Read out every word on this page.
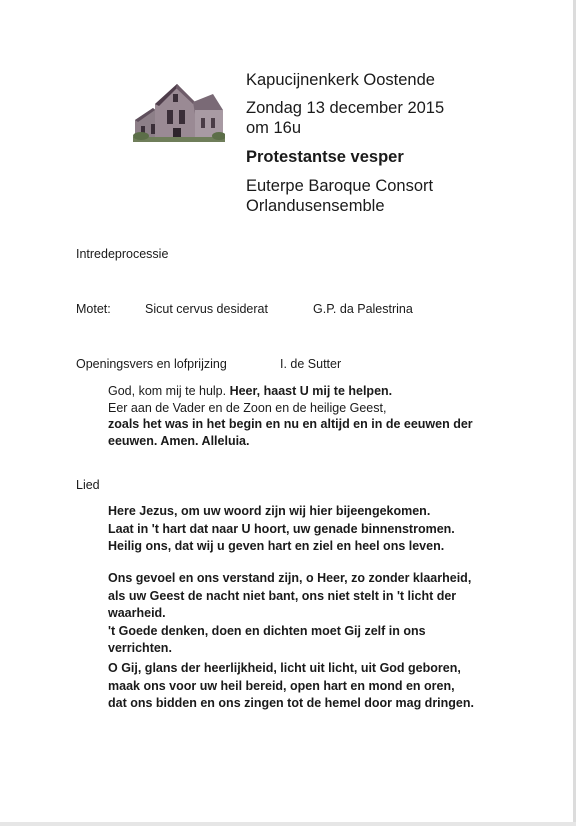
Kapucijnenkerk Oostende
Zondag 13 december 2015
om 16u
Protestantse vesper
Euterpe Baroque Consort
Orlandusensemble
Intredeprocessie
Motet:	Sicut cervus desiderat	G.P. da Palestrina
Openingsvers en lofprijzing	I. de Sutter
God, kom mij te hulp. Heer, haast U mij te helpen.
Eer aan de Vader en de Zoon en de heilige Geest,
zoals het was in het begin en nu en altijd en in de eeuwen der
eeuwen. Amen. Alleluia.
Lied
Here Jezus, om uw woord zijn wij hier bijeengekomen.
Laat in 't hart dat naar U hoort, uw genade binnenstromen.
Heilig ons, dat wij u geven hart en ziel en heel ons leven.
Ons gevoel en ons verstand zijn, o Heer, zo zonder klaarheid,
als uw Geest de nacht niet bant, ons niet stelt in 't licht der
waarheid.
't Goede denken, doen en dichten moet Gij zelf in ons
verrichten.
O Gij, glans der heerlijkheid, licht uit licht, uit God geboren,
maak ons voor uw heil bereid, open hart en mond en oren,
dat ons bidden en ons zingen tot de hemel door mag dringen.
